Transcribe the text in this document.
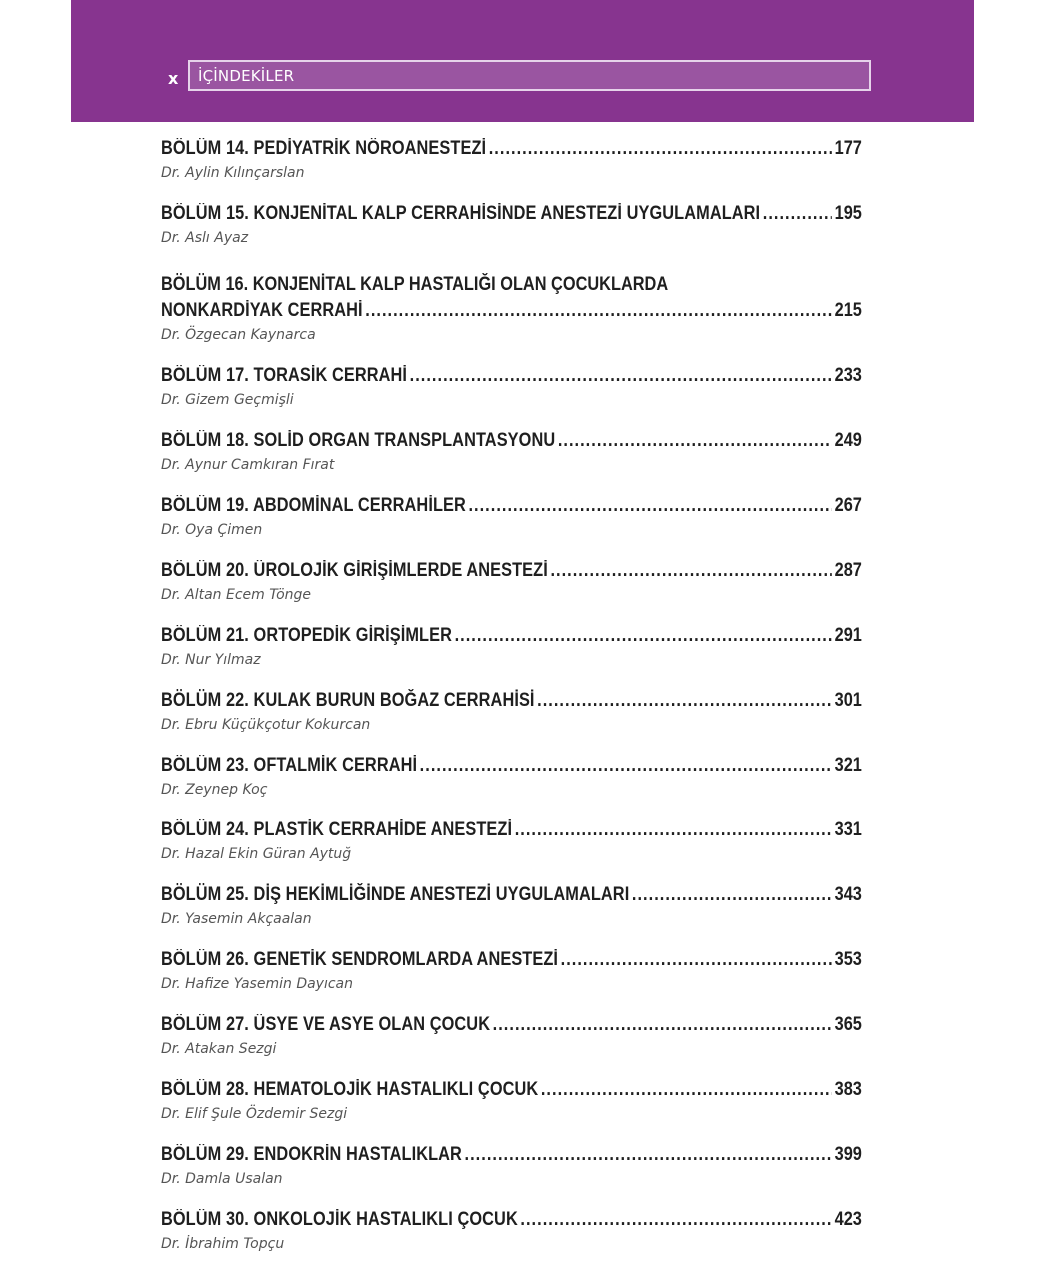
x İÇİNDEKİLER
BÖLÜM 14. PEDİYATRİK NÖROANESTEZİ .....	177
Dr. Aylin Kılınçarslan
BÖLÜM 15. KONJENİTAL KALP CERRAHİSİNDE ANESTEZİ UYGULAMALARI .....	195
Dr. Aslı Ayaz
BÖLÜM 16. KONJENİTAL KALP HASTALIĞI OLAN ÇOCUKLARDA
NONKARDİYAK CERRAHİ .....	215
Dr. Özgecan Kaynarca
BÖLÜM 17. TORASİK CERRAHİ .....	233
Dr. Gizem Geçmişli
BÖLÜM 18. SOLİD ORGAN TRANSPLANTASYONU .....	249
Dr. Aynur Camkıran Fırat
BÖLÜM 19. ABDOMİNAL CERRAHİLER .....	267
Dr. Oya Çimen
BÖLÜM 20. ÜROLOJİK GİRİŞİMLERDE ANESTEZİ .....	287
Dr. Altan Ecem Tönge
BÖLÜM 21. ORTOPEDİK GİRİŞİMLER .....	291
Dr. Nur Yılmaz
BÖLÜM 22. KULAK BURUN BOĞAZ CERRAHİSİ .....	301
Dr. Ebru Küçükçotur Kokurcan
BÖLÜM 23. OFTALMİK CERRAHİ .....	321
Dr. Zeynep Koç
BÖLÜM 24. PLASTİK CERRAHİDE ANESTEZİ .....	331
Dr. Hazal Ekin Güran Aytuğ
BÖLÜM 25. DİŞ HEKİMLİĞİNDE ANESTEZİ UYGULAMALARI .....	343
Dr. Yasemin Akçaalan
BÖLÜM 26. GENETİK SENDROMLARDA ANESTEZİ .....	353
Dr. Hafize Yasemin Dayıcan
BÖLÜM 27. ÜSYE VE ASYE OLAN ÇOCUK .....	365
Dr. Atakan Sezgi
BÖLÜM 28. HEMATOLOJİK HASTALIKLI ÇOCUK .....	383
Dr. Elif Şule Özdemir Sezgi
BÖLÜM 29. ENDOKRİN HASTALIKLAR .....	399
Dr. Damla Usalan
BÖLÜM 30. ONKOLOJİK HASTALIKLI ÇOCUK .....	423
Dr. İbrahim Topçu
